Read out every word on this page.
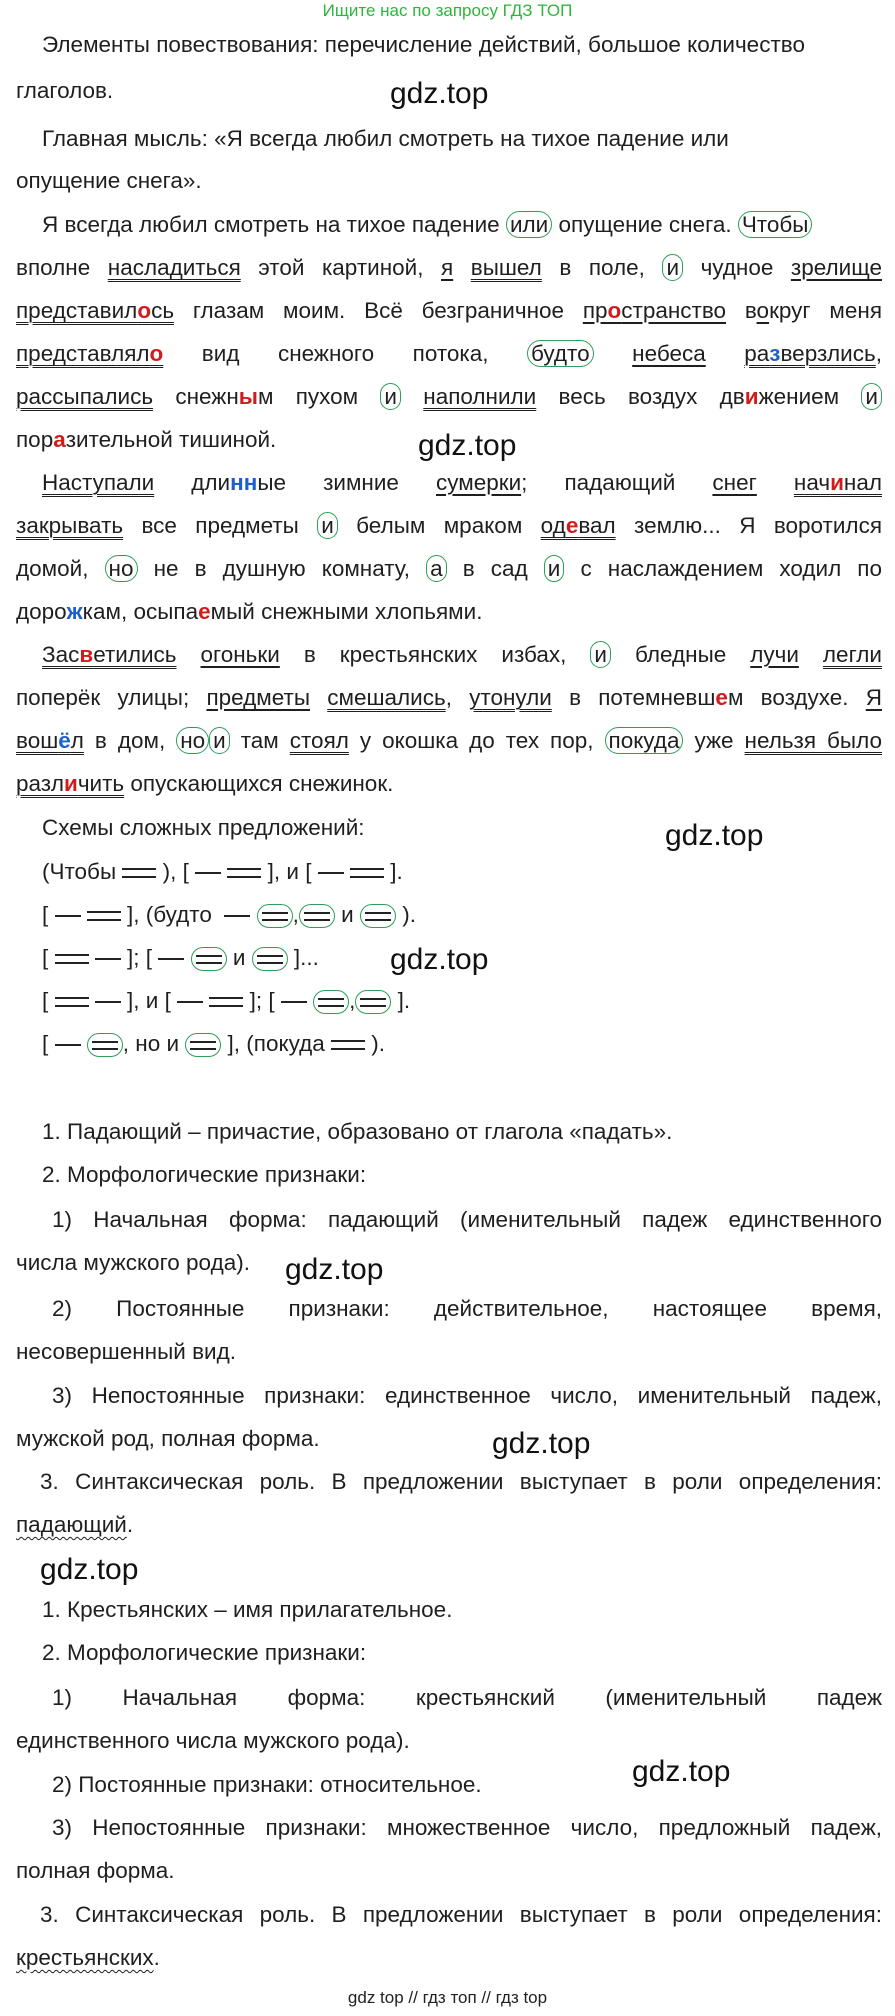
Ищите нас по запросу ГДЗ ТОП
Элементы повествования: перечисление действий, большое количество
глаголов.	gdz.top
Главная мысль: «Я всегда любил смотреть на тихое падение или
опущение снега».
Я всегда любил смотреть на тихое падение или опущение снега. Чтобы
вполне насладиться этой картиной, я вышел в поле, и чудное зрелище
представилось глазам моим. Всё безграничное пространство вокруг меня
представляло вид снежного потока, будто небеса разверзлись,
рассыпались снежным пухом и наполнили весь воздух движением и
поразительной тишиной.	gdz.top
Наступали длинные зимние сумерки; падающий снег начинал
закрывать все предметы и белым мраком одевал землю... Я воротился
домой, но не в душную комнату, а в сад и с наслаждением ходил по
дорожкам, осыпаемый снежными хлопьями.
Засветились огоньки в крестьянских избах, и бледные лучи легли
поперёк улицы; предметы смешались, утонули в потемневшем воздухе. Я
вошёл в дом, но и там стоял у окошка до тех пор, покуда уже нельзя было
различить опускающихся снежинок.
Схемы сложных предложений:	gdz.top
(Чтобы  ), [	], и [	].
[	], (будто	, и  ).
[	]; [	и  ]... gdz.top
[	], и [	]; [	, ].
[	, но и  ], (покуда  ).
1. Падающий – причастие, образовано от глагола «падать».
2. Морфологические признаки:
1) Начальная форма: падающий (именительный падеж единственного
числа мужского рода). gdz.top
2) Постоянные признаки: действительное, настоящее время,
несовершенный вид.
3) Непостоянные признаки: единственное число, именительный падеж,
мужской род, полная форма.	gdz.top
3. Синтаксическая роль. В предложении выступает в роли определения:
падающий.
gdz.top
1. Крестьянских – имя прилагательное.
2. Морфологические признаки:
1) Начальная форма: крестьянский (именительный падеж
единственного числа мужского рода).
2) Постоянные признаки: относительное.	gdz.top
3) Непостоянные признаки: множественное число, предложный падеж,
полная форма.
3. Синтаксическая роль. В предложении выступает в роли определения:
крестьянских.
gdz top // гдз топ // гдз top
